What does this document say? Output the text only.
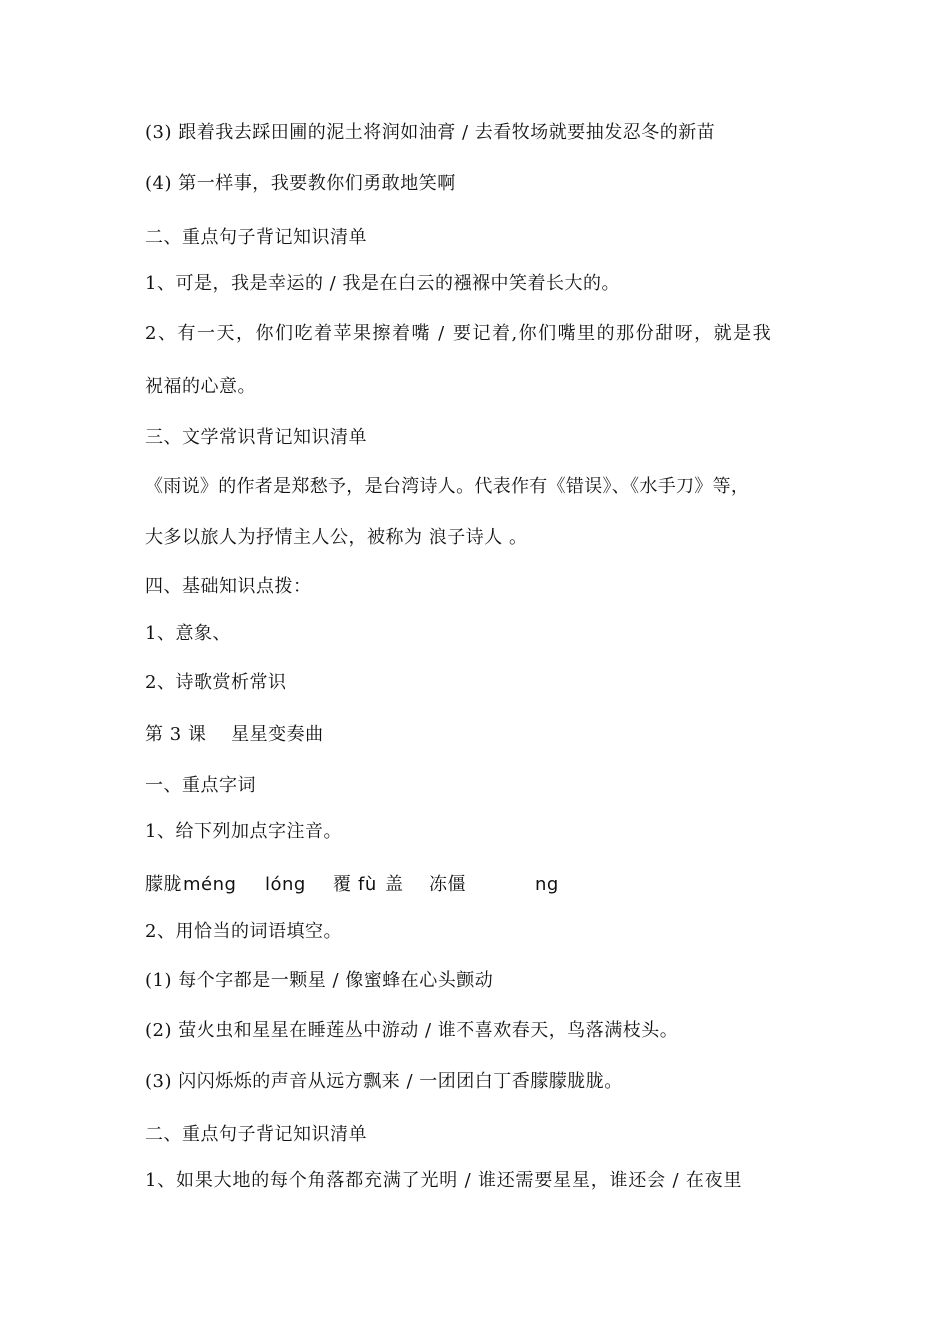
(3) 跟着我去踩田圃的泥土将润如油膏 / 去看牧场就要抽发忍冬的新苗
(4) 第一样事，我要教你们勇敢地笑啊
二、重点句子背记知识清单
1、可是，我是幸运的 / 我是在白云的襁褓中笑着长大的。
2、有一天，你们吃着苹果擦着嘴 / 要记着,你们嘴里的那份甜呀，就是我
祝福的心意。
三、文学常识背记知识清单
《雨说》的作者是郑愁予，是台湾诗人。代表作有《错误》、《水手刀》等，
大多以旅人为抒情主人公，被称为 浪子诗人 。
四、基础知识点拨：
1、意象、
2、诗歌赏析常识
第 3 课　 星星变奏曲
一、重点字词
1、给下列加点字注音。
朦胧 méng lóng 覆 fù 盖 冻僵	ng
2、用恰当的词语填空。
(1) 每个字都是一颗星 / 像蜜蜂在心头颤动
(2) 萤火虫和星星在睡莲丛中游动 / 谁不喜欢春天，鸟落满枝头。
(3) 闪闪烁烁的声音从远方飘来 / 一团团白丁香朦朦胧胧。
二、重点句子背记知识清单
1、如果大地的每个角落都充满了光明 / 谁还需要星星，谁还会 / 在夜里
